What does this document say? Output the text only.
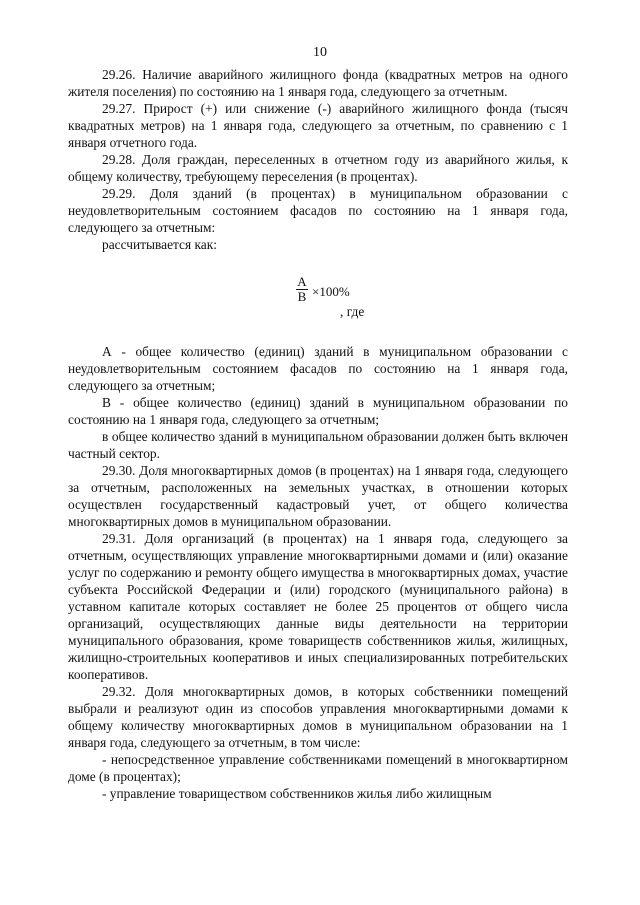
10

29.26. Наличие аварийного жилищного фонда (квадратных метров на одного жителя поселения) по состоянию на 1 января года, следующего за отчетным.

29.27. Прирост (+) или снижение (-) аварийного жилищного фонда (тысяч квадратных метров) на 1 января года, следующего за отчетным, по сравнению с 1 января отчетного года.

29.28. Доля граждан, переселенных в отчетном году из аварийного жилья, к общему количеству, требующему переселения (в процентах).

29.29. Доля зданий (в процентах) в муниципальном образовании с неудовлетворительным состоянием фасадов по состоянию на 1 января года, следующего за отчетным:

рассчитывается как:

А
В ×100%
, где

А - общее количество (единиц) зданий в муниципальном образовании с неудовлетворительным состоянием фасадов по состоянию на 1 января года, следующего за отчетным;

В - общее количество (единиц) зданий в муниципальном образовании по состоянию на 1 января года, следующего за отчетным;

в общее количество зданий в муниципальном образовании должен быть включен частный сектор.

29.30. Доля многоквартирных домов (в процентах) на 1 января года, следующего за отчетным, расположенных на земельных участках, в отношении которых осуществлен государственный кадастровый учет, от общего количества многоквартирных домов в муниципальном образовании.

29.31. Доля организаций (в процентах) на 1 января года, следующего за отчетным, осуществляющих управление многоквартирными домами и (или) оказание услуг по содержанию и ремонту общего имущества в многоквартирных домах, участие субъекта Российской Федерации и (или) городского (муниципального района) в уставном капитале которых составляет не более 25 процентов от общего числа организаций, осуществляющих данные виды деятельности на территории муниципального образования, кроме товариществ собственников жилья, жилищных, жилищно-строительных кооперативов и иных специализированных потребительских кооперативов.

29.32. Доля многоквартирных домов, в которых собственники помещений выбрали и реализуют один из способов управления многоквартирными домами к общему количеству многоквартирных домов в муниципальном образовании на 1 января года, следующего за отчетным, в том числе:

- непосредственное управление собственниками помещений в многоквартирном доме (в процентах);

- управление товариществом собственников жилья либо жилищным
